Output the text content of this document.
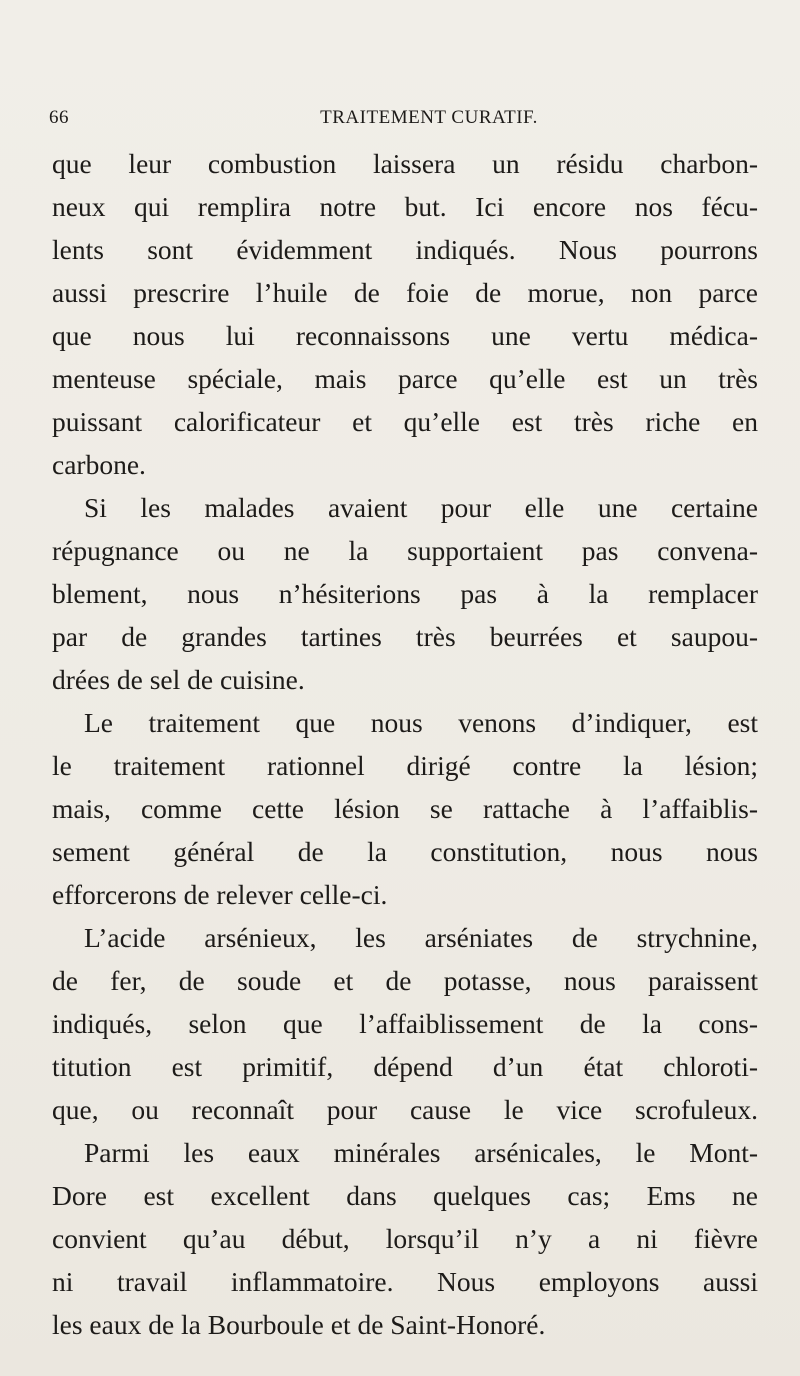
66	TRAITEMENT CURATIF.
que leur combustion laissera un résidu charbon-
neux qui remplira notre but. Ici encore nos fécu-
lents sont évidemment indiqués. Nous pourrons
aussi prescrire l’huile de foie de morue, non parce
que nous lui reconnaissons une vertu médica-
menteuse spéciale, mais parce qu’elle est un très
puissant calorificateur et qu’elle est très riche en
carbone.
Si les malades avaient pour elle une certaine
répugnance ou ne la supportaient pas convena-
blement, nous n’hésiterions pas à la remplacer
par de grandes tartines très beurrées et saupou-
drées de sel de cuisine.
Le traitement que nous venons d’indiquer, est
le traitement rationnel dirigé contre la lésion;
mais, comme cette lésion se rattache à l’affaiblis-
sement général de la constitution, nous nous
efforcerons de relever celle-ci.
L’acide arsénieux, les arséniates de strychnine,
de fer, de soude et de potasse, nous paraissent
indiqués, selon que l’affaiblissement de la cons-
titution est primitif, dépend d’un état chloroti-
que, ou reconnaît pour cause le vice scrofuleux.
Parmi les eaux minérales arsénicales, le Mont-
Dore est excellent dans quelques cas; Ems ne
convient qu’au début, lorsqu’il n’y a ni fièvre
ni travail inflammatoire. Nous employons aussi
les eaux de la Bourboule et de Saint-Honoré.
